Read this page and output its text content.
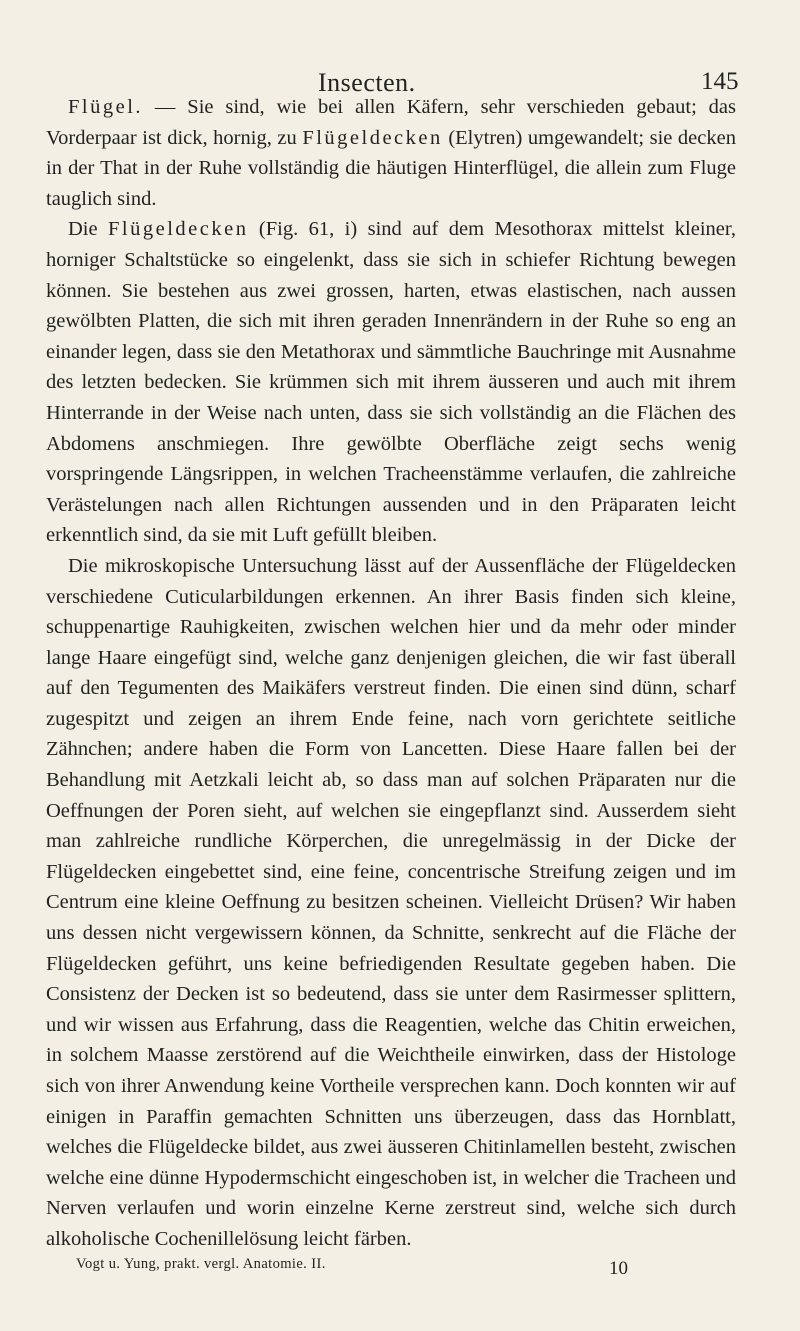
Insecten.	145

Flügel. — Sie sind, wie bei allen Käfern, sehr verschieden gebaut; das Vorderpaar ist dick, hornig, zu Flügeldecken (Elytren) umgewandelt; sie decken in der That in der Ruhe vollständig die häutigen Hinterflügel, die allein zum Fluge tauglich sind.

Die Flügeldecken (Fig. 61, i) sind auf dem Mesothorax mittelst kleiner, horniger Schaltstücke so eingelenkt, dass sie sich in schiefer Richtung bewegen können. Sie bestehen aus zwei grossen, harten, etwas elastischen, nach aussen gewölbten Platten, die sich mit ihren geraden Innenrändern in der Ruhe so eng an einander legen, dass sie den Metathorax und sämmtliche Bauchringe mit Ausnahme des letzten bedecken. Sie krümmen sich mit ihrem äusseren und auch mit ihrem Hinterrande in der Weise nach unten, dass sie sich vollständig an die Flächen des Abdomens anschmiegen. Ihre gewölbte Oberfläche zeigt sechs wenig vorspringende Längsrippen, in welchen Tracheenstämme verlaufen, die zahlreiche Verästelungen nach allen Richtungen aussenden und in den Präparaten leicht erkenntlich sind, da sie mit Luft gefüllt bleiben.

Die mikroskopische Untersuchung lässt auf der Aussenfläche der Flügeldecken verschiedene Cuticularbildungen erkennen. An ihrer Basis finden sich kleine, schuppenartige Rauhigkeiten, zwischen welchen hier und da mehr oder minder lange Haare eingefügt sind, welche ganz denjenigen gleichen, die wir fast überall auf den Tegumenten des Maikäfers verstreut finden. Die einen sind dünn, scharf zugespitzt und zeigen an ihrem Ende feine, nach vorn gerichtete seitliche Zähnchen; andere haben die Form von Lancetten. Diese Haare fallen bei der Behandlung mit Aetzkali leicht ab, so dass man auf solchen Präparaten nur die Oeffnungen der Poren sieht, auf welchen sie eingepflanzt sind. Ausserdem sieht man zahlreiche rundliche Körperchen, die unregelmässig in der Dicke der Flügeldecken eingebettet sind, eine feine, concentrische Streifung zeigen und im Centrum eine kleine Oeffnung zu besitzen scheinen. Vielleicht Drüsen? Wir haben uns dessen nicht vergewissern können, da Schnitte, senkrecht auf die Fläche der Flügeldecken geführt, uns keine befriedigenden Resultate gegeben haben. Die Consistenz der Decken ist so bedeutend, dass sie unter dem Rasirmesser splittern, und wir wissen aus Erfahrung, dass die Reagentien, welche das Chitin erweichen, in solchem Maasse zerstörend auf die Weichtheile einwirken, dass der Histologe sich von ihrer Anwendung keine Vortheile versprechen kann. Doch konnten wir auf einigen in Paraffin gemachten Schnitten uns überzeugen, dass das Hornblatt, welches die Flügeldecke bildet, aus zwei äusseren Chitinlamellen besteht, zwischen welche eine dünne Hypodermschicht eingeschoben ist, in welcher die Tracheen und Nerven verlaufen und worin einzelne Kerne zerstreut sind, welche sich durch alkoholische Cochenillelösung leicht färben.

Vogt u. Yung, prakt. vergl. Anatomie. II.	10
